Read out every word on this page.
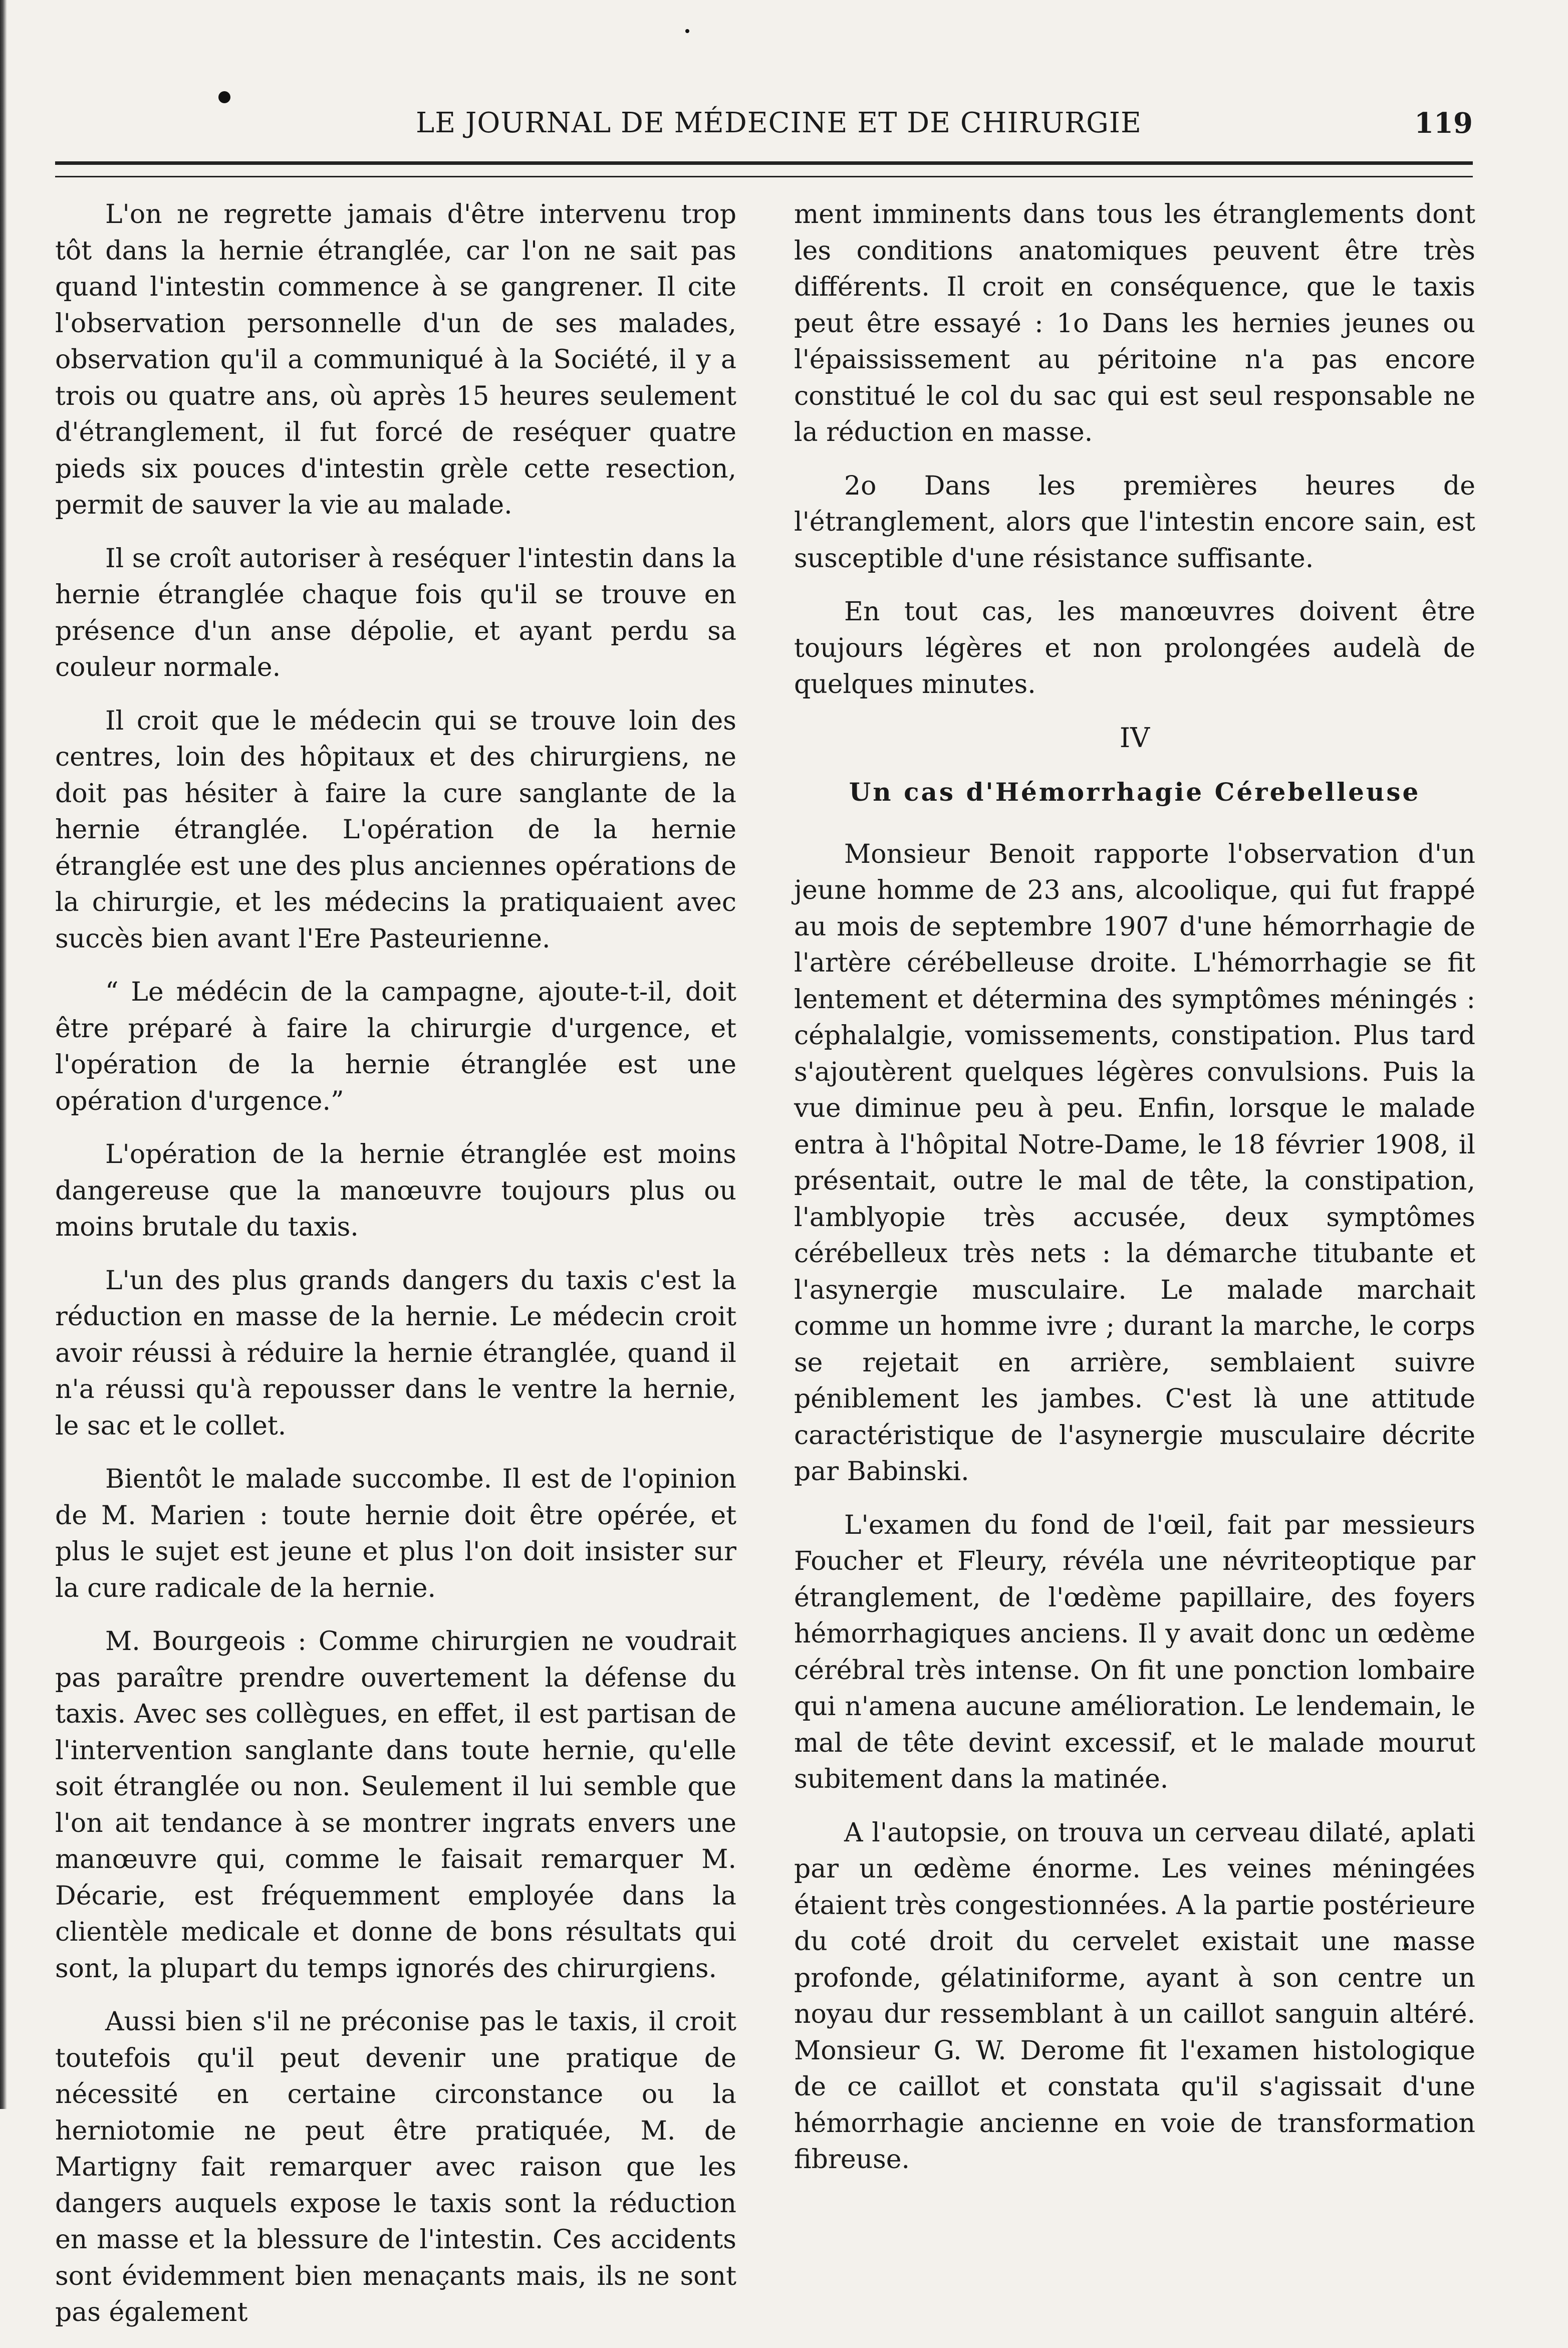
LE JOURNAL DE MÉDECINE ET DE CHIRURGIE	119

L'on ne regrette jamais d'être intervenu trop tôt dans la hernie étranglée, car l'on ne sait pas quand l'intestin commence à se gangrener. Il cite l'observation personnelle d'un de ses malades, observation qu'il a communiqué à la Société, il y a trois ou quatre ans, où après 15 heures seulement d'étranglement, il fut forcé de reséquer quatre pieds six pouces d'intestin grèle cette resection, permit de sauver la vie au malade.

Il se croît autoriser à reséquer l'intestin dans la hernie étranglée chaque fois qu'il se trouve en présence d'un anse dépolie, et ayant perdu sa couleur normale.

Il croit que le médecin qui se trouve loin des centres, loin des hôpitaux et des chirurgiens, ne doit pas hésiter à faire la cure sanglante de la hernie étranglée. L'opération de la hernie étranglée est une des plus anciennes opérations de la chirurgie, et les médecins la pratiquaient avec succès bien avant l'Ere Pasteurienne.

“ Le médécin de la campagne, ajoute-t-il, doit être préparé à faire la chirurgie d'urgence, et l'opération de la hernie étranglée est une opération d'urgence.”

L'opération de la hernie étranglée est moins dangereuse que la manœuvre toujours plus ou moins brutale du taxis.

L'un des plus grands dangers du taxis c'est la réduction en masse de la hernie. Le médecin croit avoir réussi à réduire la hernie étranglée, quand il n'a réussi qu'à repousser dans le ventre la hernie, le sac et le collet.

Bientôt le malade succombe. Il est de l'opinion de M. Marien : toute hernie doit être opérée, et plus le sujet est jeune et plus l'on doit insister sur la cure radicale de la hernie.

M. Bourgeois : Comme chirurgien ne voudrait pas paraître prendre ouvertement la défense du taxis. Avec ses collègues, en effet, il est partisan de l'intervention sanglante dans toute hernie, qu'elle soit étranglée ou non. Seulement il lui semble que l'on ait tendance à se montrer ingrats envers une manœuvre qui, comme le faisait remarquer M. Décarie, est fréquemment employée dans la clientèle medicale et donne de bons résultats qui sont, la plupart du temps ignorés des chirurgiens.

Aussi bien s'il ne préconise pas le taxis, il croit toutefois qu'il peut devenir une pratique de nécessité en certaine circonstance ou la herniotomie ne peut être pratiquée, M. de Martigny fait remarquer avec raison que les dangers auquels expose le taxis sont la réduction en masse et la blessure de l'intestin. Ces accidents sont évidemment bien menaçants mais, ils ne sont pas également

ment imminents dans tous les étranglements dont les conditions anatomiques peuvent être très différents. Il croit en conséquence, que le taxis peut être essayé : 1o Dans les hernies jeunes ou l'épaississement au péritoine n'a pas encore constitué le col du sac qui est seul responsable ne la réduction en masse.

2o Dans les premières heures de l'étranglement, alors que l'intestin encore sain, est susceptible d'une résistance suffisante.

En tout cas, les manœuvres doivent être toujours légères et non prolongées audelà de quelques minutes.

IV
Un cas d'Hémorrhagie Cérebelleuse

Monsieur Benoit rapporte l'observation d'un jeune homme de 23 ans, alcoolique, qui fut frappé au mois de septembre 1907 d'une hémorrhagie de l'artère cérébelleuse droite. L'hémorrhagie se fit lentement et détermina des symptômes méningés : céphalalgie, vomissements, constipation. Plus tard s'ajoutèrent quelques légères convulsions. Puis la vue diminue peu à peu. Enfin, lorsque le malade entra à l'hôpital Notre-Dame, le 18 février 1908, il présentait, outre le mal de tête, la constipation, l'amblyopie très accusée, deux symptômes cérébelleux très nets : la démarche titubante et l'asynergie musculaire. Le malade marchait comme un homme ivre ; durant la marche, le corps se rejetait en arrière, semblaient suivre péniblement les jambes. C'est là une attitude caractéristique de l'asynergie musculaire décrite par Babinski.

L'examen du fond de l'œil, fait par messieurs Foucher et Fleury, révéla une névriteoptique par étranglement, de l'œdème papillaire, des foyers hémorrhagiques anciens. Il y avait donc un œdème cérébral très intense. On fit une ponction lombaire qui n'amena aucune amélioration. Le lendemain, le mal de tête devint excessif, et le malade mourut subitement dans la matinée.

A l'autopsie, on trouva un cerveau dilaté, aplati par un œdème énorme. Les veines méningées étaient très congestionnées. A la partie postérieure du coté droit du cervelet existait une masse profonde, gélatiniforme, ayant à son centre un noyau dur ressemblant à un caillot sanguin altéré. Monsieur G. W. Derome fit l'examen histologique de ce caillot et constata qu'il s'agissait d'une hémorrhagie ancienne en voie de transformation fibreuse.
